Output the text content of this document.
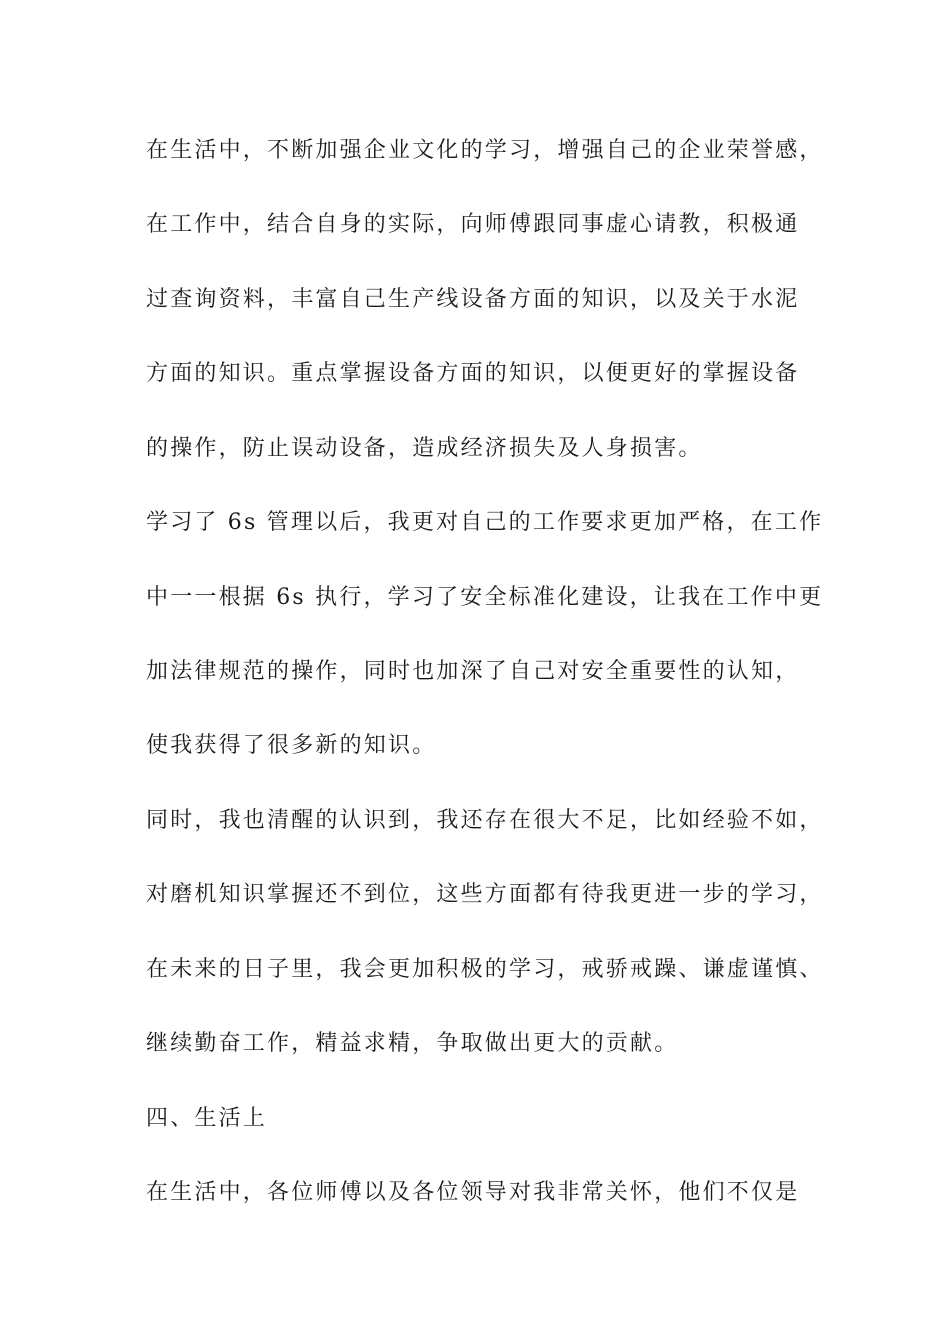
在生活中，不断加强企业文化的学习，增强自己的企业荣誉感，
在工作中，结合自身的实际，向师傅跟同事虚心请教，积极通
过查询资料，丰富自己生产线设备方面的知识，以及关于水泥
方面的知识。重点掌握设备方面的知识，以便更好的掌握设备
的操作，防止误动设备，造成经济损失及人身损害。
学习了 6s 管理以后，我更对自己的工作要求更加严格，在工作
中一一根据 6s 执行，学习了安全标准化建设，让我在工作中更
加法律规范的操作，同时也加深了自己对安全重要性的认知，
使我获得了很多新的知识。
同时，我也清醒的认识到，我还存在很大不足，比如经验不如，
对磨机知识掌握还不到位，这些方面都有待我更进一步的学习，
在未来的日子里，我会更加积极的学习，戒骄戒躁、谦虚谨慎、
继续勤奋工作，精益求精，争取做出更大的贡献。
四、生活上
在生活中，各位师傅以及各位领导对我非常关怀，他们不仅是
